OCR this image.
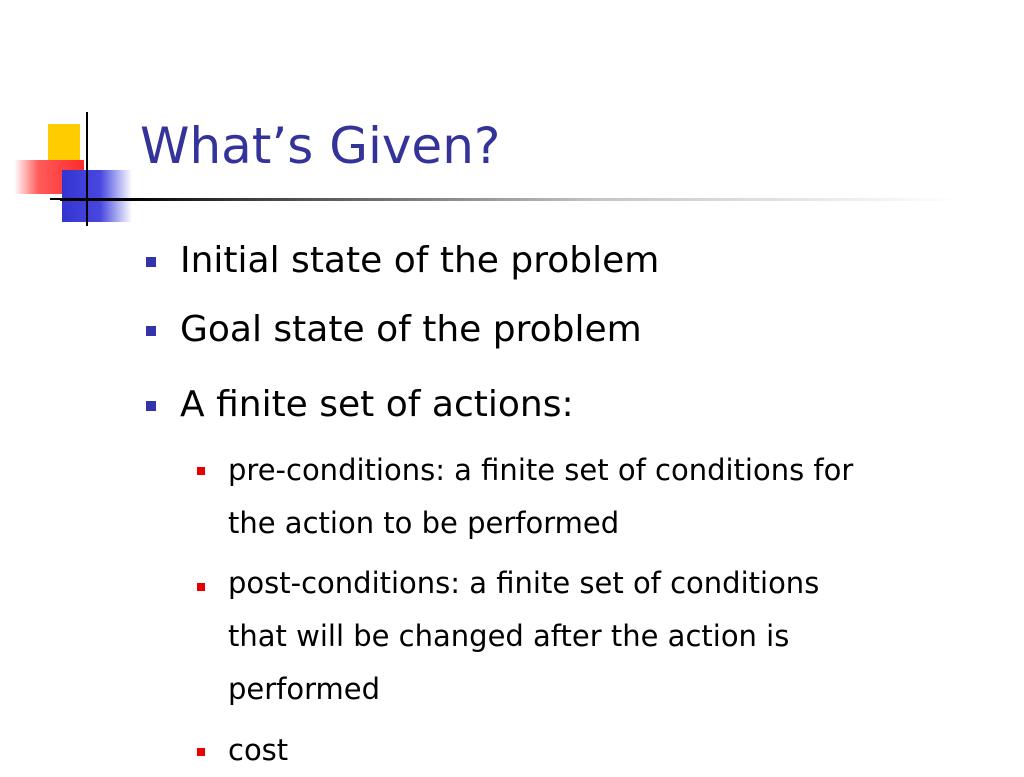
What’s Given?
Initial state of the problem
Goal state of the problem
A finite set of actions:
pre-conditions: a finite set of conditions for
the action to be performed
post-conditions: a finite set of conditions
that will be changed after the action is
performed
cost
